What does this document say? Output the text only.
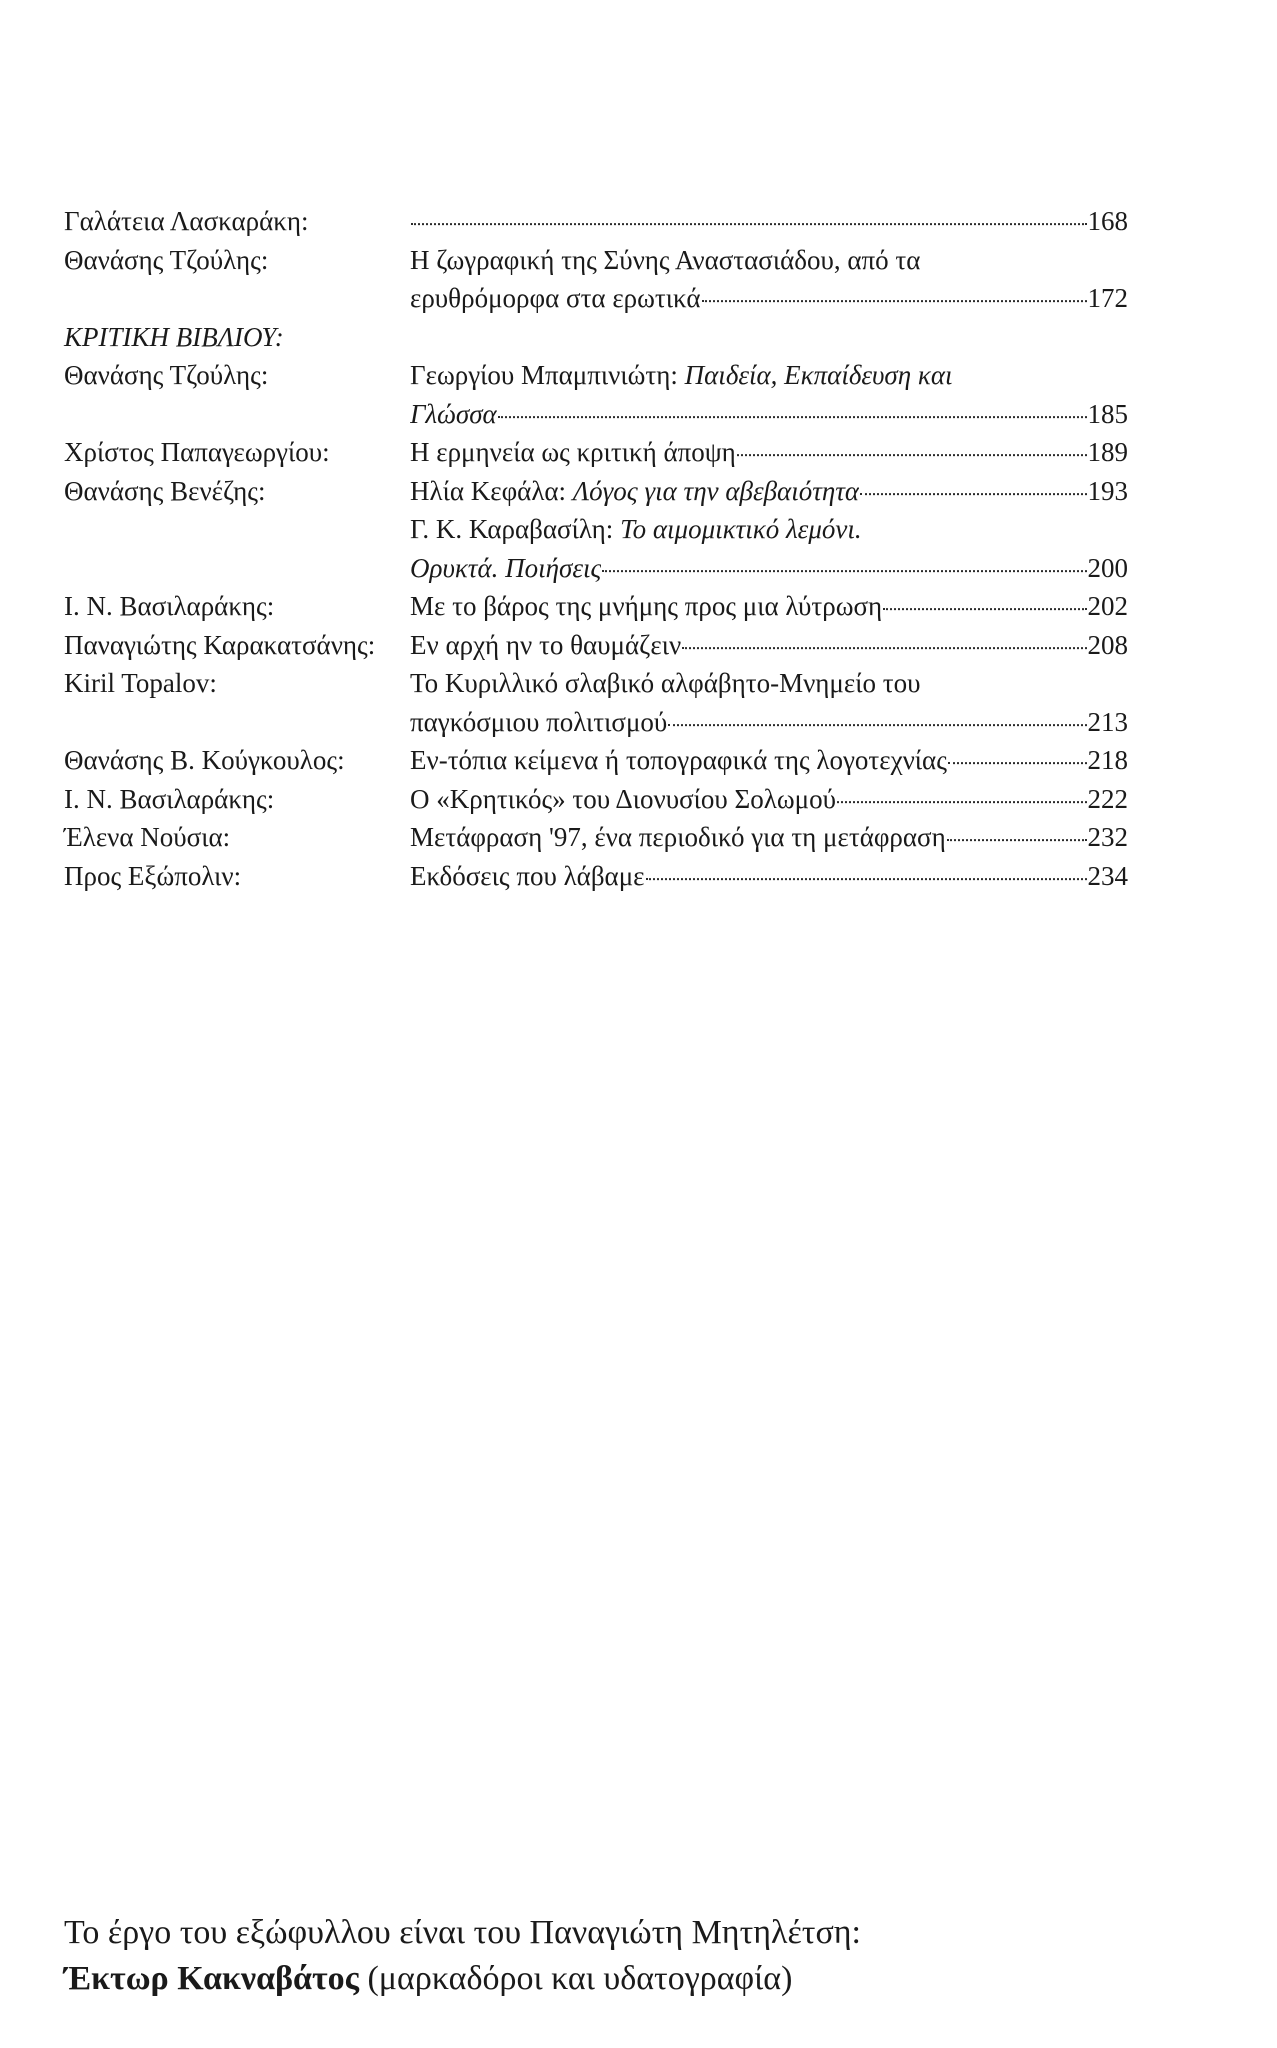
Γαλάτεια Λασκαράκη:	168
Θανάσης Τζούλης:	Η ζωγραφική της Σύνης Αναστασιάδου, από τα
ερυθρόμορφα στα ερωτικά	172
ΚΡΙΤΙΚΗ ΒΙΒΛΙΟΥ:
Θανάσης Τζούλης:	Γεωργίου Μπαμπινιώτη: Παιδεία, Εκπαίδευση και
Γλώσσα	185
Χρίστος Παπαγεωργίου:	Η ερμηνεία ως κριτική άποψη	189
Θανάσης Βενέζης:	Ηλία Κεφάλα: Λόγος για την αβεβαιότητα	193
Γ. Κ. Καραβασίλη: Το αιμομικτικό λεμόνι.
Ορυκτά. Ποιήσεις	200
Ι. Ν. Βασιλαράκης:	Με το βάρος της μνήμης προς μια λύτρωση	202
Παναγιώτης Καρακατσάνης:	Εν αρχή ην το θαυμάζειν	208
Kiril Topalov:	Το Κυριλλικό σλαβικό αλφάβητο-Μνημείο του
παγκόσμιου πολιτισμού	213
Θανάσης Β. Κούγκουλος:	Εν-τόπια κείμενα ή τοπογραφικά της λογοτεχνίας	218
Ι. Ν. Βασιλαράκης:	Ο «Κρητικός» του Διονυσίου Σολωμού	222
Έλενα Νούσια:	Μετάφραση '97, ένα περιοδικό για τη μετάφραση	232
Προς Εξώπολιν:	Εκδόσεις που λάβαμε	234
Το έργο του εξώφυλλου είναι του Παναγιώτη Μητηλέτση:
Έκτωρ Κακναβάτος (μαρκαδόροι και υδατογραφία)
